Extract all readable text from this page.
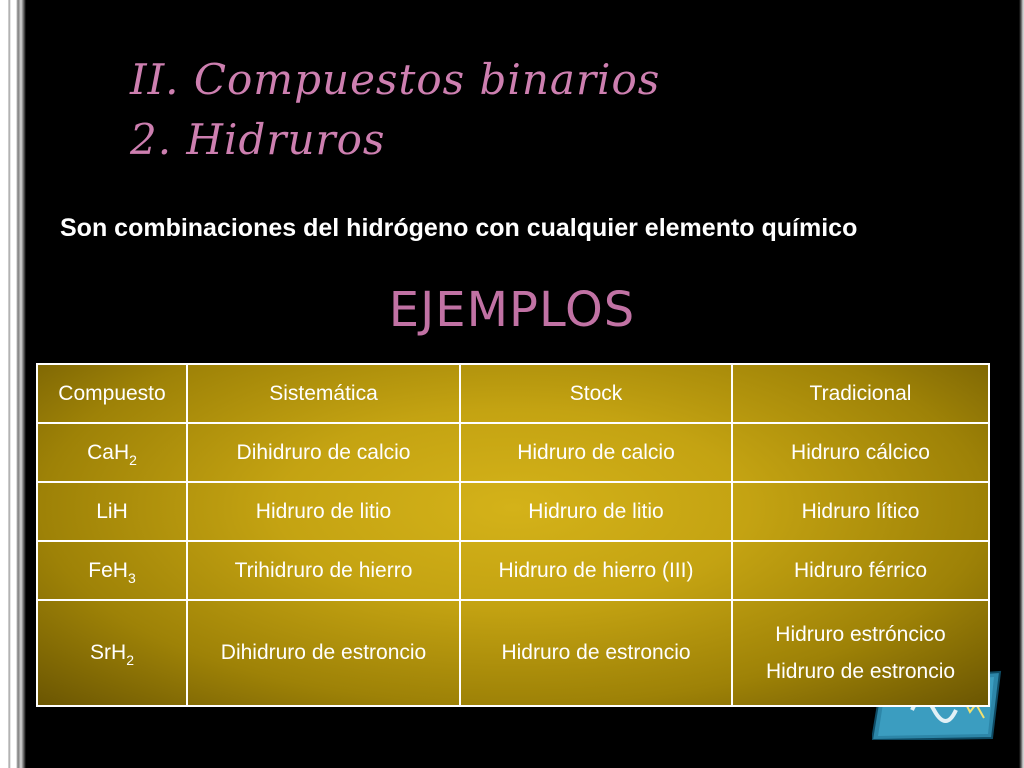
II. Compuestos binarios
2. Hidruros

Son combinaciones del hidrógeno con cualquier elemento químico

EJEMPLOS
Compuesto	Sistemática	Stock	Tradicional
CaH$_2$	Dihidruro de calcio	Hidruro de calcio	Hidruro cálcico
LiH	Hidruro de litio	Hidruro de litio	Hidruro lítico
FeH$_3$	Trihidruro de hierro	Hidruro de hierro (III)	Hidruro férrico
SrH$_2$	Dihidruro de estroncio	Hidruro de estroncio	Hidruro estróncico
Hidruro de estroncio
